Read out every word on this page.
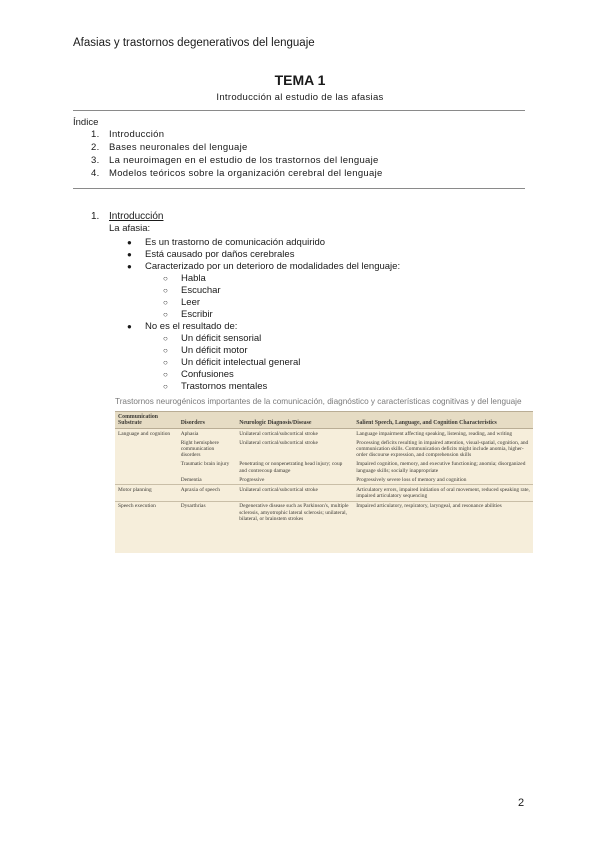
Afasias y trastornos degenerativos del lenguaje
TEMA 1
Introducción al estudio de las afasias
Índice
1. Introducción
2. Bases neuronales del lenguaje
3. La neuroimagen en el estudio de los trastornos del lenguaje
4. Modelos teóricos sobre la organización cerebral del lenguaje
1. Introducción
La afasia:
●	Es un trastorno de comunicación adquirido
●	Está causado por daños cerebrales
●	Caracterizado por un deterioro de modalidades del lenguaje:
○	Habla
○	Escuchar
○	Leer
○	Escribir
●	No es el resultado de:
○	Un déficit sensorial
○	Un déficit motor
○	Un déficit intelectual general
○	Confusiones
○	Trastornos mentales
Trastornos neurogénicos importantes de la comunicación, diagnóstico y características cognitivas y del lenguaje
Communication Substrate	Disorders	Neurologic Diagnosis/Disease	Salient Speech, Language, and Cognition Characteristics
Language and cognition	Aphasia	Unilateral cortical/subcortical stroke	Language impairment affecting speaking, listening, reading, and writing
	Right hemisphere communication disorders	Unilateral cortical/subcortical stroke	Processing deficits resulting in impaired attention, visual-spatial, cognition, and communication skills. Communication deficits might include anomia, higher-order discourse expression, and comprehension skills
	Traumatic brain injury	Penetrating or nonpenetrating head injury; coup and contrecoup damage	Impaired cognition, memory, and executive functioning; anomia; disorganized language skills; socially inappropriate
	Dementia	Progressive	Progressively severe loss of memory and cognition
Motor planning	Apraxia of speech	Unilateral cortical/subcortical stroke	Articulatory errors, impaired initiation of oral movement, reduced speaking rate, impaired articulatory sequencing
Speech execution	Dysarthrias	Degenerative disease such as Parkinson's, multiple sclerosis, amyotrophic lateral sclerosis; unilateral, bilateral, or brainstem strokes	Impaired articulatory, respiratory, laryngeal, and resonance abilities
2
